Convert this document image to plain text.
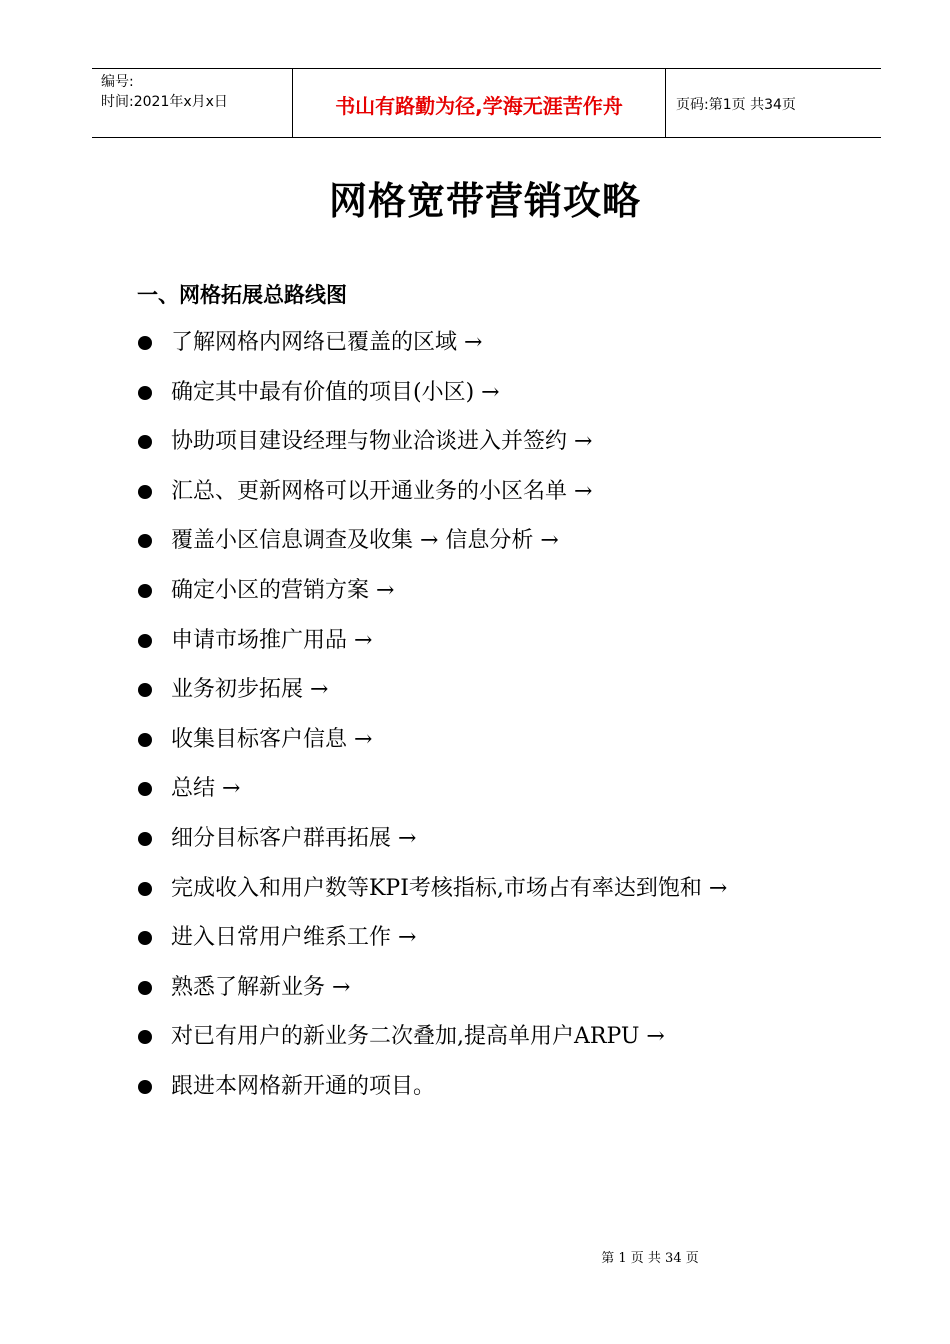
编号:
时间:2021年x月x日	书山有路勤为径,学海无涯苦作舟	页码:第1页 共34页
网格宽带营销攻略
一、网格拓展总路线图
了解网格内网络已覆盖的区域 →
确定其中最有价值的项目(小区) →
协助项目建设经理与物业洽谈进入并签约 →
汇总、更新网格可以开通业务的小区名单 →
覆盖小区信息调查及收集 → 信息分析 →
确定小区的营销方案 →
申请市场推广用品 →
业务初步拓展 →
收集目标客户信息 →
总结 →
细分目标客户群再拓展 →
完成收入和用户数等KPI考核指标,市场占有率达到饱和 →
进入日常用户维系工作 →
熟悉了解新业务 →
对已有用户的新业务二次叠加,提高单用户ARPU →
跟进本网格新开通的项目。
第 1 页 共 34 页
